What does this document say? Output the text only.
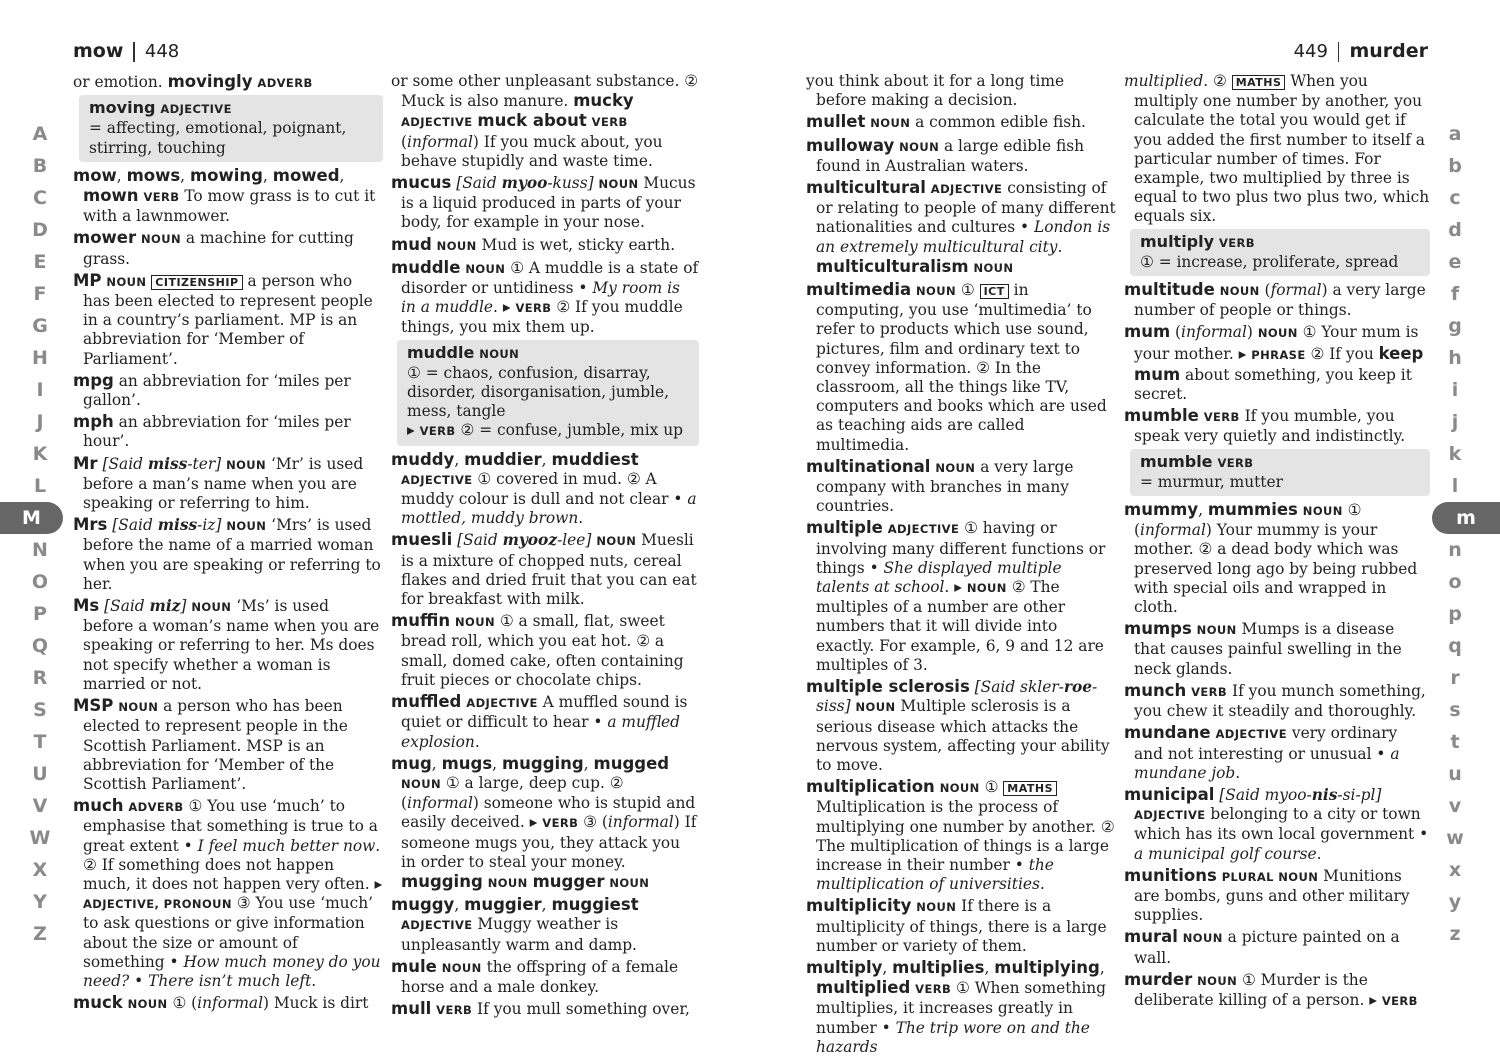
mow 448	449 murder
A
B
C
D
E
F
G
H
I
J
K
L
M
N
O
P
Q
R
S
T
U
V
W
X
Y
Z
a
b
c
d
e
f
g
h
i
j
k
l
m
n
o
p
q
r
s
t
u
v
w
x
y
z
or emotion. movingly ADVERB
moving ADJECTIVE
= affecting, emotional, poignant, stirring, touching
mow, mows, mowing, mowed, mown VERB To mow grass is to cut it with a lawnmower.
mower NOUN a machine for cutting grass.
MP NOUN CITIZENSHIP a person who has been elected to represent people in a country’s parliament. MP is an abbreviation for ‘Member of Parliament’.
mpg an abbreviation for ‘miles per gallon’.
mph an abbreviation for ‘miles per hour’.
Mr [Said miss-ter] NOUN ‘Mr’ is used before a man’s name when you are speaking or referring to him.
Mrs [Said miss-iz] NOUN ‘Mrs’ is used before the name of a married woman when you are speaking or referring to her.
Ms [Said miz] NOUN ‘Ms’ is used before a woman’s name when you are speaking or referring to her. Ms does not specify whether a woman is married or not.
MSP NOUN a person who has been elected to represent people in the Scottish Parliament. MSP is an abbreviation for ‘Member of the Scottish Parliament’.
much ADVERB ① You use ‘much’ to emphasise that something is true to a great extent • I feel much better now. ② If something does not happen much, it does not happen very often. ▸ ADJECTIVE, PRONOUN ③ You use ‘much’ to ask questions or give information about the size or amount of something • How much money do you need? • There isn’t much left.
muck NOUN ① (informal) Muck is dirt
or some other unpleasant substance. ② Muck is also manure. mucky ADJECTIVE muck about VERB (informal) If you muck about, you behave stupidly and waste time.
mucus [Said myoo-kuss] NOUN Mucus is a liquid produced in parts of your body, for example in your nose.
mud NOUN Mud is wet, sticky earth.
muddle NOUN ① A muddle is a state of disorder or untidiness • My room is in a muddle. ▸ VERB ② If you muddle things, you mix them up.
muddle NOUN
① = chaos, confusion, disarray, disorder, disorganisation, jumble, mess, tangle
▸ VERB ② = confuse, jumble, mix up
muddy, muddier, muddiest ADJECTIVE ① covered in mud. ② A muddy colour is dull and not clear • a mottled, muddy brown.
muesli [Said myooz-lee] NOUN Muesli is a mixture of chopped nuts, cereal flakes and dried fruit that you can eat for breakfast with milk.
muffin NOUN ① a small, flat, sweet bread roll, which you eat hot. ② a small, domed cake, often containing fruit pieces or chocolate chips.
muffled ADJECTIVE A muffled sound is quiet or difficult to hear • a muffled explosion.
mug, mugs, mugging, mugged NOUN ① a large, deep cup. ② (informal) someone who is stupid and easily deceived. ▸ VERB ③ (informal) If someone mugs you, they attack you in order to steal your money. mugging NOUN mugger NOUN
muggy, muggier, muggiest ADJECTIVE Muggy weather is unpleasantly warm and damp.
mule NOUN the offspring of a female horse and a male donkey.
mull VERB If you mull something over,
you think about it for a long time before making a decision.
mullet NOUN a common edible fish.
mulloway NOUN a large edible fish found in Australian waters.
multicultural ADJECTIVE consisting of or relating to people of many different nationalities and cultures • London is an extremely multicultural city. multiculturalism NOUN
multimedia NOUN ① ICT in computing, you use ‘multimedia’ to refer to products which use sound, pictures, film and ordinary text to convey information. ② In the classroom, all the things like TV, computers and books which are used as teaching aids are called multimedia.
multinational NOUN a very large company with branches in many countries.
multiple ADJECTIVE ① having or involving many different functions or things • She displayed multiple talents at school. ▸ NOUN ② The multiples of a number are other numbers that it will divide into exactly. For example, 6, 9 and 12 are multiples of 3.
multiple sclerosis [Said skler-roe-siss] NOUN Multiple sclerosis is a serious disease which attacks the nervous system, affecting your ability to move.
multiplication NOUN ① MATHS Multiplication is the process of multiplying one number by another. ② The multiplication of things is a large increase in their number • the multiplication of universities.
multiplicity NOUN If there is a multiplicity of things, there is a large number or variety of them.
multiply, multiplies, multiplying, multiplied VERB ① When something multiplies, it increases greatly in number • The trip wore on and the hazards
multiplied. ② MATHS When you multiply one number by another, you calculate the total you would get if you added the first number to itself a particular number of times. For example, two multiplied by three is equal to two plus two plus two, which equals six.
multiply VERB
① = increase, proliferate, spread
multitude NOUN (formal) a very large number of people or things.
mum (informal) NOUN ① Your mum is your mother. ▸ PHRASE ② If you keep mum about something, you keep it secret.
mumble VERB If you mumble, you speak very quietly and indistinctly.
mumble VERB
= murmur, mutter
mummy, mummies NOUN ① (informal) Your mummy is your mother. ② a dead body which was preserved long ago by being rubbed with special oils and wrapped in cloth.
mumps NOUN Mumps is a disease that causes painful swelling in the neck glands.
munch VERB If you munch something, you chew it steadily and thoroughly.
mundane ADJECTIVE very ordinary and not interesting or unusual • a mundane job.
municipal [Said myoo-nis-si-pl] ADJECTIVE belonging to a city or town which has its own local government • a municipal golf course.
munitions PLURAL NOUN Munitions are bombs, guns and other military supplies.
mural NOUN a picture painted on a wall.
murder NOUN ① Murder is the deliberate killing of a person. ▸ VERB
